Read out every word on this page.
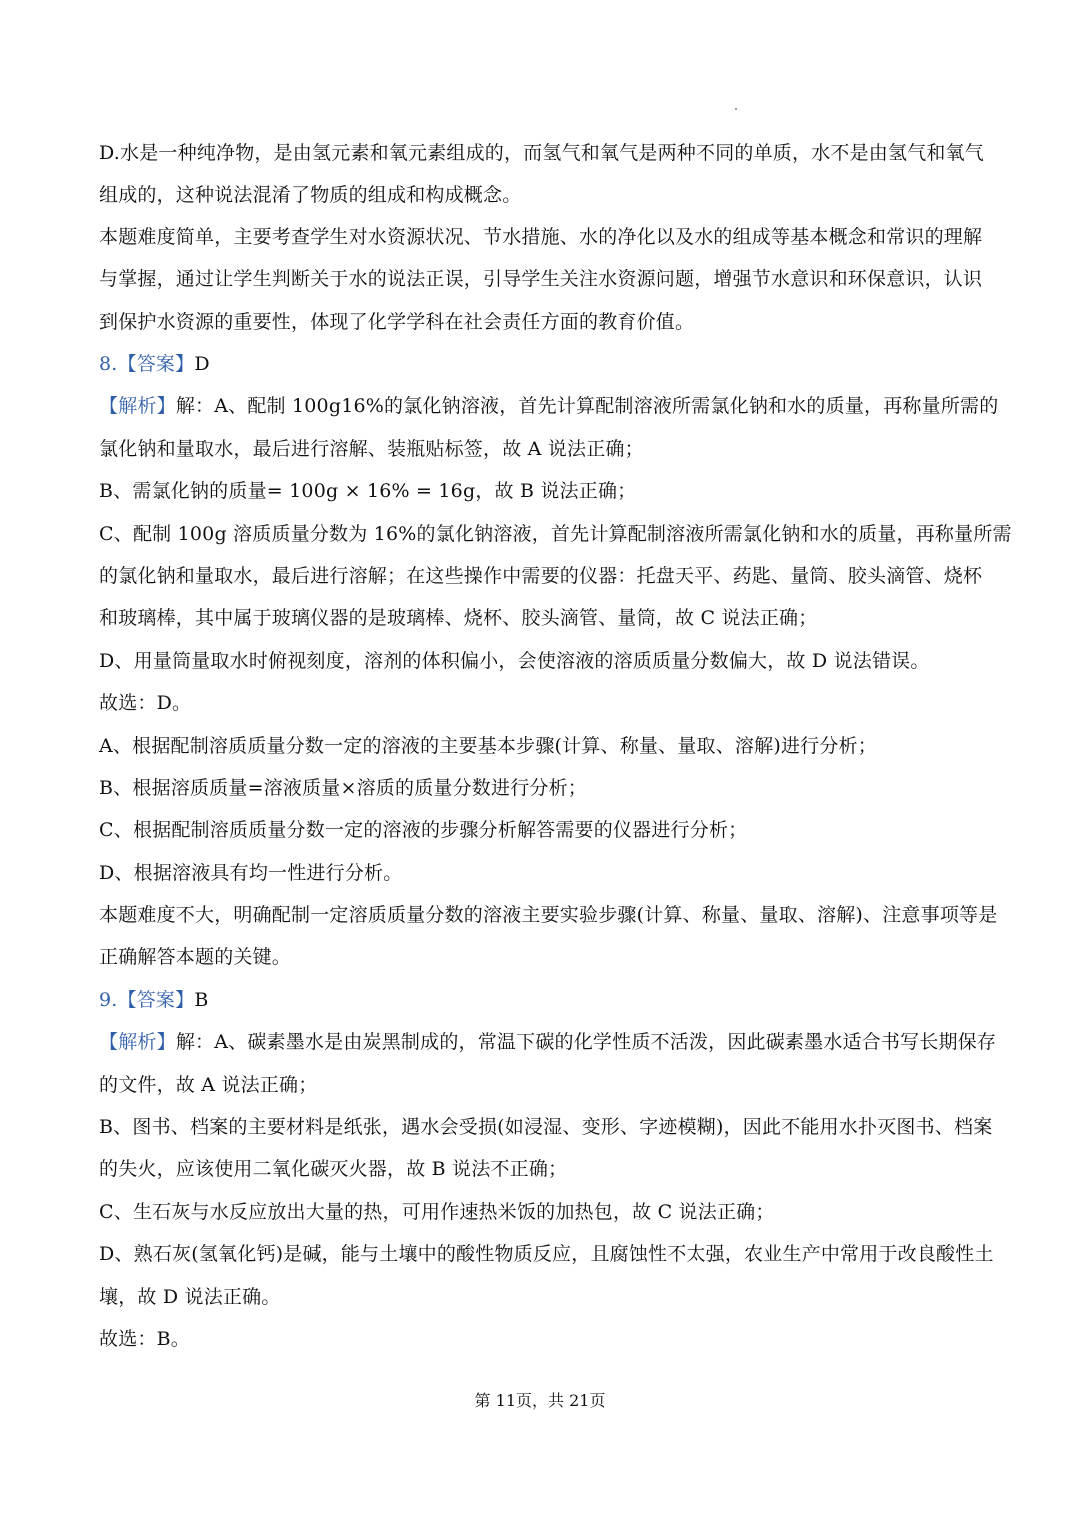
D.水是一种纯净物，是由氢元素和氧元素组成的，而氢气和氧气是两种不同的单质，水不是由氢气和氧气
组成的，这种说法混淆了物质的组成和构成概念。
本题难度简单，主要考查学生对水资源状况、节水措施、水的净化以及水的组成等基本概念和常识的理解
与掌握，通过让学生判断关于水的说法正误，引导学生关注水资源问题，增强节水意识和环保意识，认识
到保护水资源的重要性，体现了化学学科在社会责任方面的教育价值。
8.【答案】D
【解析】解：A、配制 100g16%的氯化钠溶液，首先计算配制溶液所需氯化钠和水的质量，再称量所需的
氯化钠和量取水，最后进行溶解、装瓶贴标签，故 A 说法正确；
B、需氯化钠的质量= 100g × 16% = 16g，故 B 说法正确；
C、配制 100g 溶质质量分数为 16%的氯化钠溶液，首先计算配制溶液所需氯化钠和水的质量，再称量所需
的氯化钠和量取水，最后进行溶解；在这些操作中需要的仪器：托盘天平、药匙、量筒、胶头滴管、烧杯
和玻璃棒，其中属于玻璃仪器的是玻璃棒、烧杯、胶头滴管、量筒，故 C 说法正确；
D、用量筒量取水时俯视刻度，溶剂的体积偏小，会使溶液的溶质质量分数偏大，故 D 说法错误。
故选：D。
A、根据配制溶质质量分数一定的溶液的主要基本步骤(计算、称量、量取、溶解)进行分析；
B、根据溶质质量=溶液质量×溶质的质量分数进行分析；
C、根据配制溶质质量分数一定的溶液的步骤分析解答需要的仪器进行分析；
D、根据溶液具有均一性进行分析。
本题难度不大，明确配制一定溶质质量分数的溶液主要实验步骤(计算、称量、量取、溶解)、注意事项等是
正确解答本题的关键。
9.【答案】B
【解析】解：A、碳素墨水是由炭黑制成的，常温下碳的化学性质不活泼，因此碳素墨水适合书写长期保存
的文件，故 A 说法正确；
B、图书、档案的主要材料是纸张，遇水会受损(如浸湿、变形、字迹模糊)，因此不能用水扑灭图书、档案
的失火，应该使用二氧化碳灭火器，故 B 说法不正确；
C、生石灰与水反应放出大量的热，可用作速热米饭的加热包，故 C 说法正确；
D、熟石灰(氢氧化钙)是碱，能与土壤中的酸性物质反应，且腐蚀性不太强，农业生产中常用于改良酸性土
壤，故 D 说法正确。
故选：B。
第 11页，共 21页
